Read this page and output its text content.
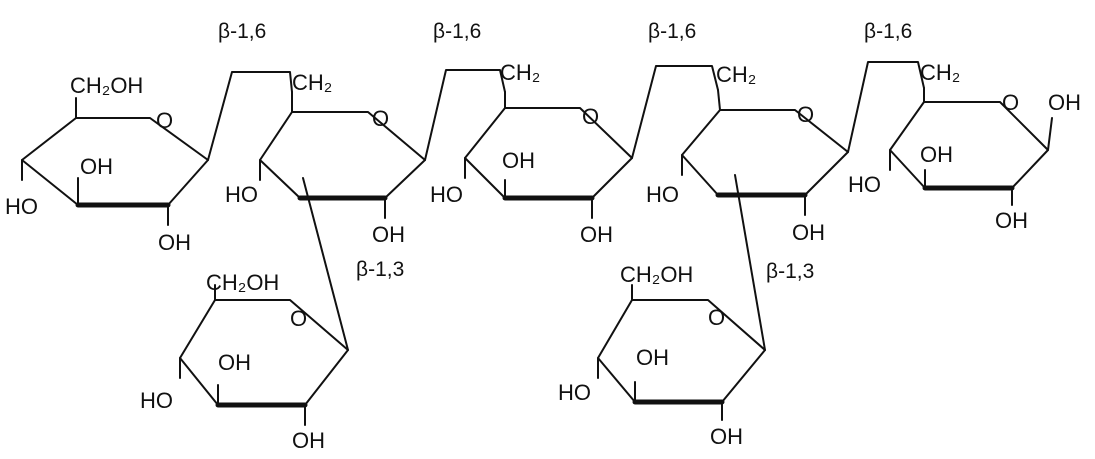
CH₂OH
O
OH
HO
OH
β-1,6
CH₂
O
HO
OH
β-1,6
CH₂
O
OH
HO
OH
β-1,6
CH₂
O
HO
OH
β-1,6
CH₂
O OH
OH
HO
OH
CH₂OH
O
OH
HO
OH
β-1,3	CH₂OH
O
OH
HO
OH
β-1,3
